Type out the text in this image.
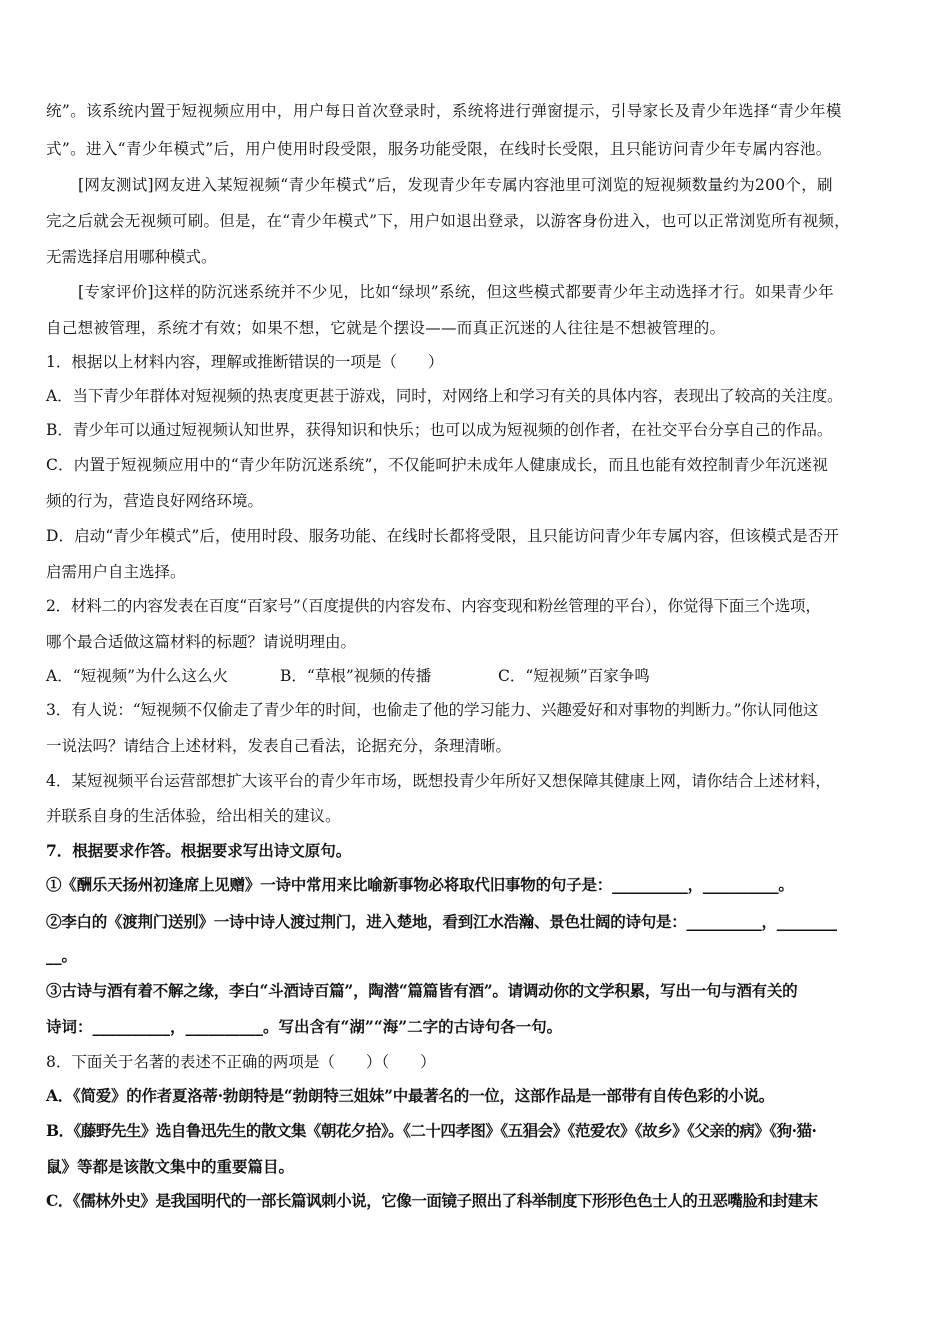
统”。该系统内置于短视频应用中，用户每日首次登录时，系统将进行弹窗提示，引导家长及青少年选择“青少年模
式”。进入“青少年模式”后，用户使用时段受限，服务功能受限，在线时长受限，且只能访问青少年专属内容池。
[网友测试]网友进入某短视频“青少年模式”后，发现青少年专属内容池里可浏览的短视频数量约为200个，刷
完之后就会无视频可刷。但是，在“青少年模式”下，用户如退出登录，以游客身份进入，也可以正常浏览所有视频，
无需选择启用哪种模式。
[专家评价]这样的防沉迷系统并不少见，比如“绿坝”系统，但这些模式都要青少年主动选择才行。如果青少年
自己想被管理，系统才有效；如果不想，它就是个摆设——而真正沉迷的人往往是不想被管理的。
1．根据以上材料内容，理解或推断错误的一项是（　　）
A．当下青少年群体对短视频的热衷度更甚于游戏，同时，对网络上和学习有关的具体内容，表现出了较高的关注度。
B．青少年可以通过短视频认知世界，获得知识和快乐；也可以成为短视频的创作者，在社交平台分享自己的作品。
C．内置于短视频应用中的“青少年防沉迷系统”，不仅能呵护未成年人健康成长，而且也能有效控制青少年沉迷视
频的行为，营造良好网络环境。
D．启动“青少年模式”后，使用时段、服务功能、在线时长都将受限，且只能访问青少年专属内容，但该模式是否开
启需用户自主选择。
2．材料二的内容发表在百度“百家号”（百度提供的内容发布、内容变现和粉丝管理的平台），你觉得下面三个选项，
哪个最合适做这篇材料的标题？请说明理由。
A．“短视频”为什么这么火	B．“草根”视频的传播	C．“短视频”百家争鸣
3．有人说：“短视频不仅偷走了青少年的时间，也偷走了他的学习能力、兴趣爱好和对事物的判断力。”你认同他这
一说法吗？请结合上述材料，发表自己看法，论据充分，条理清晰。
4．某短视频平台运营部想扩大该平台的青少年市场，既想投青少年所好又想保障其健康上网，请你结合上述材料，
并联系自身的生活体验，给出相关的建议。
7．根据要求作答。根据要求写出诗文原句。
①《酬乐天扬州初逢席上见赠》一诗中常用来比喻新事物必将取代旧事物的句子是：__________，__________。
②李白的《渡荆门送别》一诗中诗人渡过荆门，进入楚地，看到江水浩瀚、景色壮阔的诗句是：__________，________
__。
③古诗与酒有着不解之缘，李白“斗酒诗百篇”，陶潜“篇篇皆有酒”。请调动你的文学积累，写出一句与酒有关的
诗词：__________，__________。写出含有“湖”“海”二字的古诗句各一句。
8．下面关于名著的表述不正确的两项是（　　）（　　）
A．《简爱》的作者夏洛蒂·勃朗特是“勃朗特三姐妹”中最著名的一位，这部作品是一部带有自传色彩的小说。
B．《藤野先生》选自鲁迅先生的散文集《朝花夕拾》。《二十四孝图》《五猖会》《范爱农》《故乡》《父亲的病》《狗·猫·
鼠》等都是该散文集中的重要篇目。
C．《儒林外史》是我国明代的一部长篇讽刺小说，它像一面镜子照出了科举制度下形形色色士人的丑恶嘴脸和封建末
